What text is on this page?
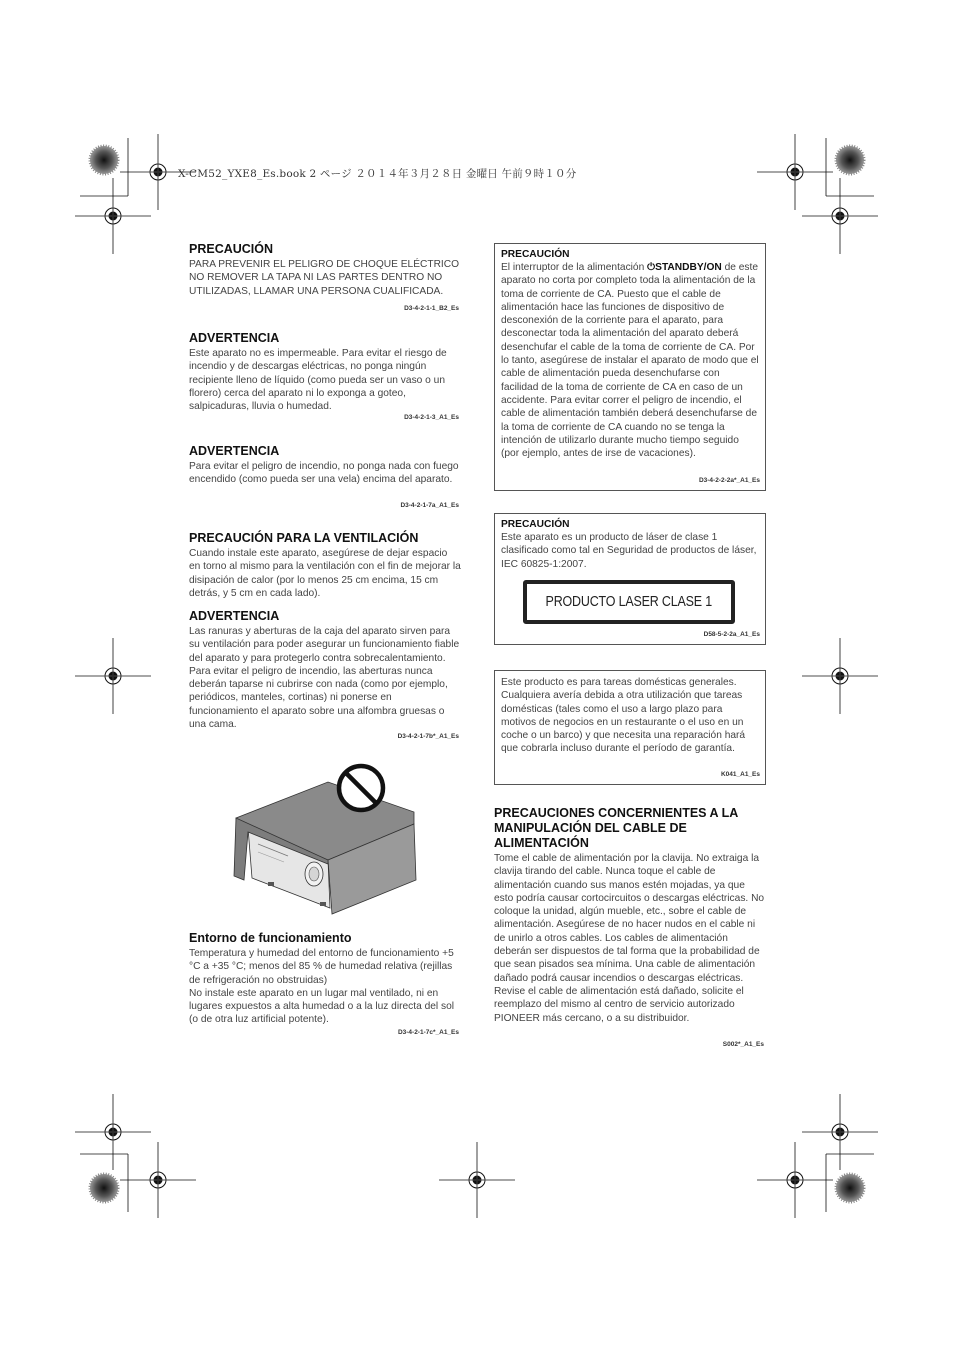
X-CM52_YXE8_Es.book 2 ページ ２０１４年３月２８日 金曜日 午前９時１０分
PRECAUCIÓN

PARA PREVENIR EL PELIGRO DE CHOQUE ELÉCTRICO NO REMOVER LA TAPA NI LAS PARTES DENTRO NO UTILIZADAS, LLAMAR UNA PERSONA CUALIFICADA.

D3-4-2-1-1_B2_Es
ADVERTENCIA

Este aparato no es impermeable. Para evitar el riesgo de incendio y de descargas eléctricas, no ponga ningún recipiente lleno de líquido (como pueda ser un vaso o un florero) cerca del aparato ni lo exponga a goteo, salpicaduras, lluvia o humedad.

D3-4-2-1-3_A1_Es
ADVERTENCIA

Para evitar el peligro de incendio, no ponga nada con fuego encendido (como pueda ser una vela) encima del aparato.

D3-4-2-1-7a_A1_Es
PRECAUCIÓN PARA LA VENTILACIÓN

Cuando instale este aparato, asegúrese de dejar espacio en torno al mismo para la ventilación con el fin de mejorar la disipación de calor (por lo menos 25 cm encima, 15 cm detrás, y 5 cm en cada lado).

ADVERTENCIA

Las ranuras y aberturas de la caja del aparato sirven para su ventilación para poder asegurar un funcionamiento fiable del aparato y para protegerlo contra sobrecalentamiento. Para evitar el peligro de incendio, las aberturas nunca deberán taparse ni cubrirse con nada (como por ejemplo, periódicos, manteles, cortinas) ni ponerse en funcionamiento el aparato sobre una alfombra gruesas o una cama.

D3-4-2-1-7b*_A1_Es
Entorno de funcionamiento

Temperatura y humedad del entorno de funcionamiento +5 °C a +35 °C; menos del 85 % de humedad relativa (rejillas de refrigeración no obstruidas)

No instale este aparato en un lugar mal ventilado, ni en lugares expuestos a alta humedad o a la luz directa del sol (o de otra luz artificial potente).

D3-4-2-1-7c*_A1_Es
PRECAUCIÓN

El interruptor de la alimentación ⏻STANDBY/ON de este aparato no corta por completo toda la alimentación de la toma de corriente de CA. Puesto que el cable de alimentación hace las funciones de dispositivo de desconexión de la corriente para el aparato, para desconectar toda la alimentación del aparato deberá desenchufar el cable de la toma de corriente de CA. Por lo tanto, asegúrese de instalar el aparato de modo que el cable de alimentación pueda desenchufarse con facilidad de la toma de corriente de CA en caso de un accidente. Para evitar correr el peligro de incendio, el cable de alimentación también deberá desenchufarse de la toma de corriente de CA cuando no se tenga la intención de utilizarlo durante mucho tiempo seguido (por ejemplo, antes de irse de vacaciones).

D3-4-2-2-2a*_A1_Es
PRECAUCIÓN

Este aparato es un producto de láser de clase 1 clasificado como tal en Seguridad de productos de láser, IEC 60825-1:2007.

PRODUCTO LASER CLASE 1
D58-5-2-2a_A1_Es

Este producto es para tareas domésticas generales. Cualquiera avería debida a otra utilización que tareas domésticas (tales como el uso a largo plazo para motivos de negocios en un restaurante o el uso en un coche o un barco) y que necesita una reparación hará que cobrarla incluso durante el período de garantía.

K041_A1_Es
PRECAUCIONES CONCERNIENTES A LA MANIPULACIÓN DEL CABLE DE ALIMENTACIÓN

Tome el cable de alimentación por la clavija. No extraiga la clavija tirando del cable. Nunca toque el cable de alimentación cuando sus manos estén mojadas, ya que esto podría causar cortocircuitos o descargas eléctricas. No coloque la unidad, algún mueble, etc., sobre el cable de alimentación. Asegúrese de no hacer nudos en el cable ni de unirlo a otros cables. Los cables de alimentación deberán ser dispuestos de tal forma que la probabilidad de que sean pisados sea mínima. Una cable de alimentación dañado podrá causar incendios o descargas eléctricas. Revise el cable de alimentación está dañado, solicite el reemplazo del mismo al centro de servicio autorizado PIONEER más cercano, o a su distribuidor.

S002*_A1_Es
